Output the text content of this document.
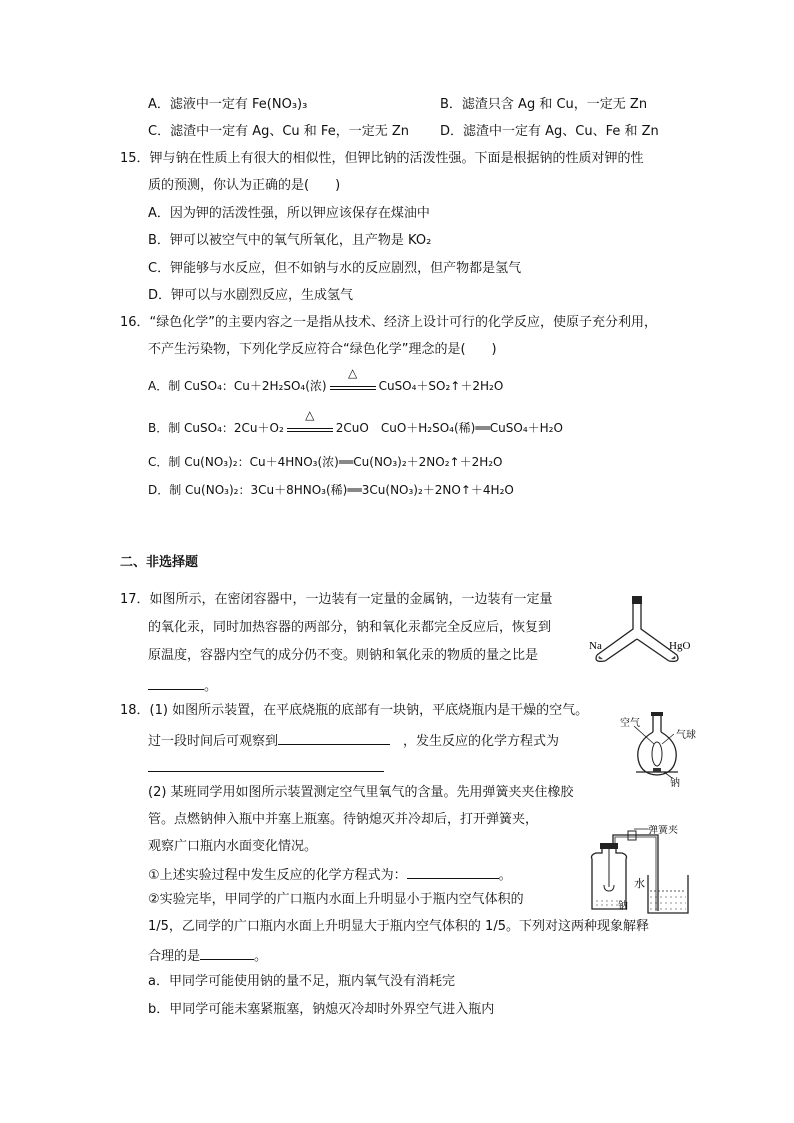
A．滤液中一定有 Fe(NO₃)₃	B．滤渣只含 Ag 和 Cu，一定无 Zn
C．滤渣中一定有 Ag、Cu 和 Fe，一定无 Zn D．滤渣中一定有 Ag、Cu、Fe 和 Zn
15．钾与钠在性质上有很大的相似性，但钾比钠的活泼性强。下面是根据钠的性质对钾的性
质的预测，你认为正确的是(　　)
A．因为钾的活泼性强，所以钾应该保存在煤油中
B．钾可以被空气中的氧气所氧化，且产物是 KO₂
C．钾能够与水反应，但不如钠与水的反应剧烈，但产物都是氢气
D．钾可以与水剧烈反应，生成氢气
16．“绿色化学”的主要内容之一是指从技术、经济上设计可行的化学反应，使原子充分利用，
不产生污染物，下列化学反应符合“绿色化学”理念的是(　　)
A．制 CuSO₄：Cu＋2H₂SO₄(浓)
△
CuSO₄＋SO₂↑＋2H₂O
B．制 CuSO₄：2Cu＋O₂
△
2CuO　CuO＋H₂SO₄(稀)══CuSO₄＋H₂O
C．制 Cu(NO₃)₂：Cu＋4HNO₃(浓)══Cu(NO₃)₂＋2NO₂↑＋2H₂O
D．制 Cu(NO₃)₂：3Cu＋8HNO₃(稀)══3Cu(NO₃)₂＋2NO↑＋4H₂O
二、非选择题
17．如图所示，在密闭容器中，一边装有一定量的金属钠，一边装有一定量
的氧化汞，同时加热容器的两部分，钠和氧化汞都完全反应后，恢复到
原温度，容器内空气的成分仍不变。则钠和氧化汞的物质的量之比是
。
Na	HgO
18．(1) 如图所示装置，在平底烧瓶的底部有一块钠，平底烧瓶内是干燥的空气。
过一段时间后可观察到　	，发生反应的化学方程式为
空气
气球
钠
(2) 某班同学用如图所示装置测定空气里氧气的含量。先用弹簧夹夹住橡胶
管。点燃钠伸入瓶中并塞上瓶塞。待钠熄灭并冷却后，打开弹簧夹，
观察广口瓶内水面变化情况。
①上述实验过程中发生反应的化学方程式为：	。
②实验完毕，甲同学的广口瓶内水面上升明显小于瓶内空气体积的
1/5，乙同学的广口瓶内水面上升明显大于瓶内空气体积的 1/5。下列对这两种现象解释
合理的是	。
a．甲同学可能使用钠的量不足，瓶内氧气没有消耗完
b．甲同学可能未塞紧瓶塞，钠熄灭冷却时外界空气进入瓶内
弹簧夹
水
钠
